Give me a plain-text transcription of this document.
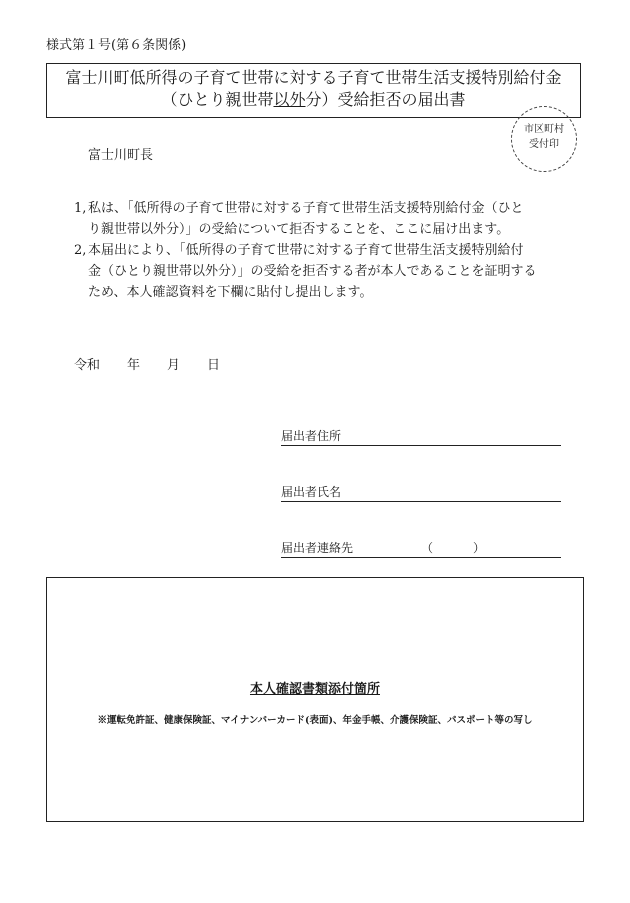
様式第１号(第６条関係)
富士川町低所得の子育て世帯に対する子育て世帯生活支援特別給付金
（ひとり親世帯以外分）受給拒否の届出書
市区町村
受付印
富士川町長
1, 私は、「低所得の子育て世帯に対する子育て世帯生活支援特別給付金（ひと
り親世帯以外分）」の受給について拒否することを、ここに届け出ます。
2, 本届出により、「低所得の子育て世帯に対する子育て世帯生活支援特別給付
金（ひとり親世帯以外分）」の受給を拒否する者が本人であることを証明する
ため、本人確認資料を下欄に貼付し提出します。
令和 年 月 日
届出者住所
届出者氏名
届出者連絡先	（	）
本人確認書類添付箇所
※運転免許証、健康保険証、マイナンバーカード(表面)、年金手帳、介護保険証、パスポート等の写し
